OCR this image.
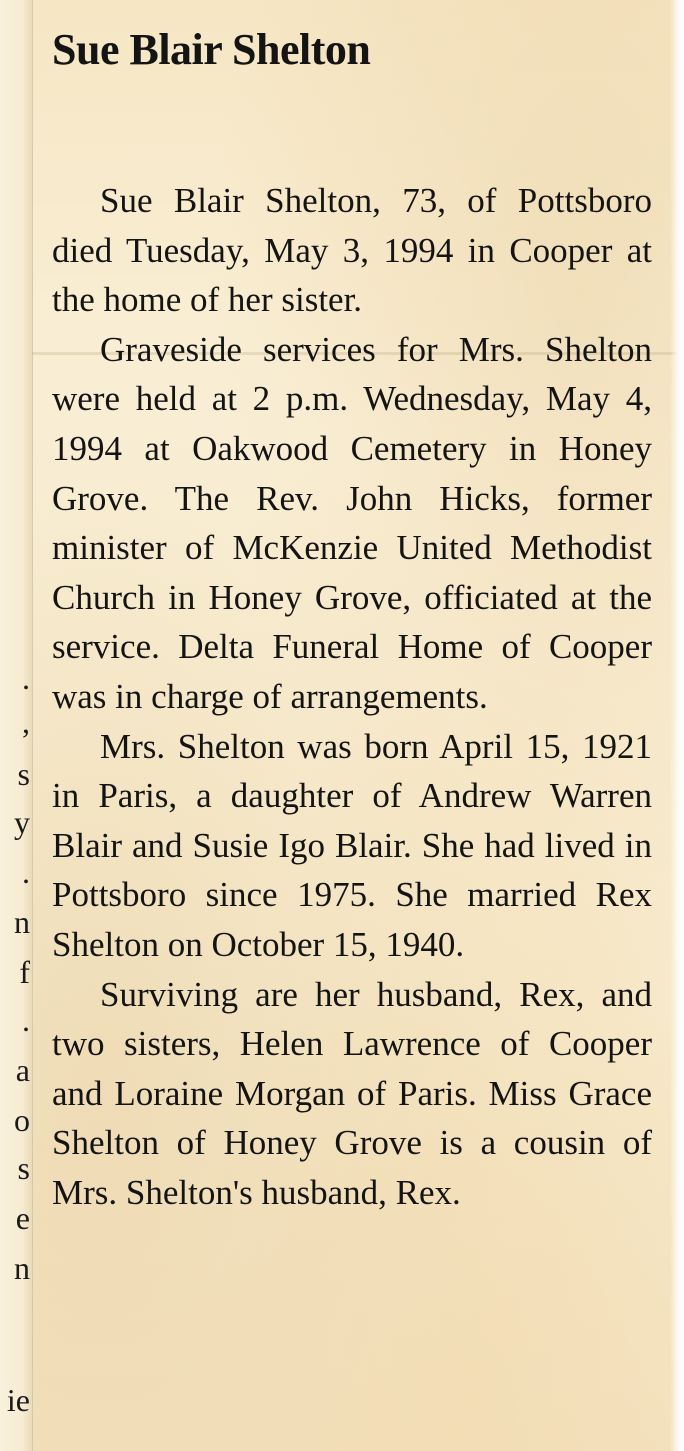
.
,
s
y
.
n
f
.
a
o
s
e
n
ie
Sue Blair Shelton

Sue Blair Shelton, 73, of Pottsboro died Tuesday, May 3, 1994 in Cooper at the home of her sister.

Graveside services for Mrs. Shelton were held at 2 p.m. Wednesday, May 4, 1994 at Oakwood Cemetery in Honey Grove. The Rev. John Hicks, former minister of McKenzie United Methodist Church in Honey Grove, officiated at the service. Delta Funeral Home of Cooper was in charge of arrangements.

Mrs. Shelton was born April 15, 1921 in Paris, a daughter of Andrew Warren Blair and Susie Igo Blair. She had lived in Pottsboro since 1975. She married Rex Shelton on October 15, 1940.

Surviving are her husband, Rex, and two sisters, Helen Lawrence of Cooper and Loraine Morgan of Paris. Miss Grace Shelton of Honey Grove is a cousin of Mrs. Shelton's husband, Rex.
